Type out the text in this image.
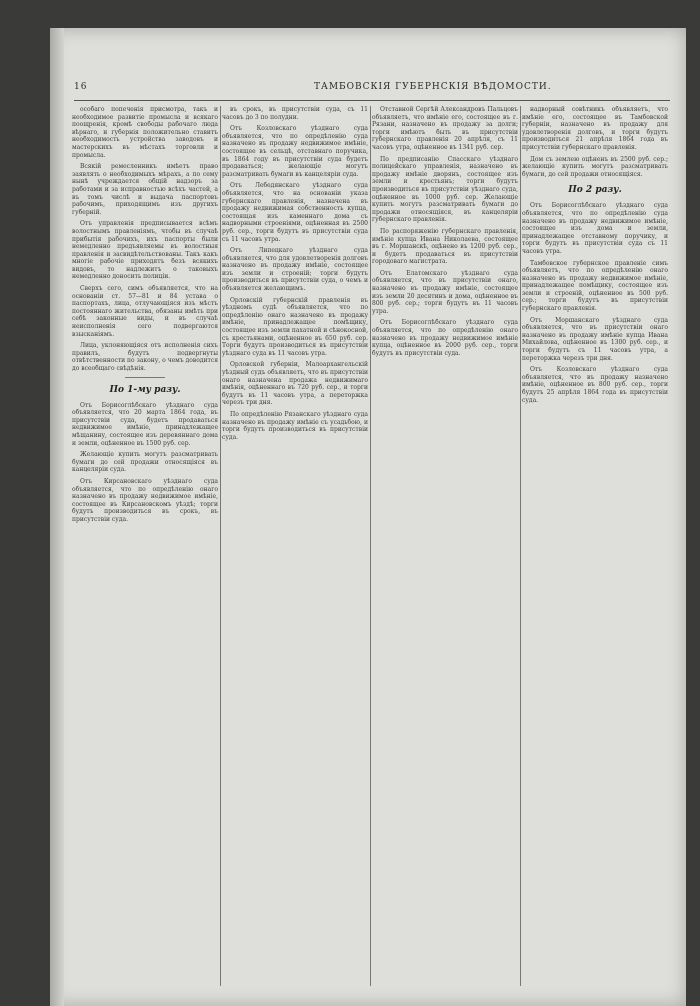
16	ТАМБОВСКІЯ ГУБЕРНСКІЯ ВѢДОМОСТИ.

особаго попеченія присмотра, такъ и необходимое развитіе промысла и всякаго поощренія, кромѣ свободы рабочаго люда вѣрнаго, и губернія положительно ставитъ необходимость устройства заводовъ и мастерскихъ въ мѣстахъ торговли и промысла.

Всякій ремесленникъ имѣетъ право заявлять о необходимыхъ мѣрахъ, а по сему нынѣ учреждается общій надзоръ за работами и за исправностью всѣхъ частей, а въ томъ числѣ и выдача паспортовъ рабочимъ, приходящимъ изъ другихъ губерній.

Отъ управленія предписывается всѣмъ волостнымъ правленіямъ, чтобы въ случаѣ прибытія рабочихъ, ихъ паспорты были немедленно предъявляемы въ волостныя правленія и засвидѣтельствованы. Такъ какъ многіе рабочіе приходятъ безъ всякихъ видовъ, то надлежитъ о таковыхъ немедленно доносить полиціи.

Сверхъ сего, симъ объявляется, что на основаніи ст. 57—81 и 84 устава о паспортахъ, лица, отлучающіяся изъ мѣстъ постояннаго жительства, обязаны имѣть при себѣ законные виды, и въ случаѣ неисполненія сего подвергаются взысканіямъ.

Лица, уклоняющіяся отъ исполненія сихъ правилъ, будутъ подвергнуты отвѣтственности по закону, о чемъ доводится до всеобщаго свѣдѣнія.

По 1-му разу.

Отъ Борисоглѣбскаго уѣзднаго суда объявляется, что 20 марта 1864 года, въ присутствіи суда, будетъ продаваться недвижимое имѣніе, принадлежащее мѣщанину, состоящее изъ деревяннаго дома и земли, оцѣненное въ 1500 руб. сер.

Желающіе купить могутъ разсматривать бумаги до сей продажи относящіяся въ канцеляріи суда.

Отъ Кирсановскаго уѣзднаго суда объявляется, что по опредѣленію онаго назначено въ продажу недвижимое имѣніе, состоящее въ Кирсановскомъ уѣздѣ; торги будутъ производиться въ срокъ, въ присутствіи суда.

въ срокъ, въ присутствіи суда, съ 11 часовъ до 3 по полудни.

Отъ Козловскаго уѣзднаго суда объявляется, что по опредѣленію суда назначено въ продажу недвижимое имѣніе, состоящее въ сельцѣ, отставнаго поручика, въ 1864 году въ присутствіи суда будетъ продаваться; желающіе могутъ разсматривать бумаги въ канцеляріи суда.

Отъ Лебедянскаго уѣзднаго суда объявляется, что на основаніи указа губернскаго правленія, назначена въ продажу недвижимая собственность купца, состоящая изъ каменнаго дома съ надворными строеніями, оцѣненная въ 2500 руб. сер., торги будутъ въ присутствіи суда съ 11 часовъ утра.

Отъ Липецкаго уѣзднаго суда объявляется, что для удовлетворенія долговъ назначено въ продажу имѣніе, состоящее изъ земли и строеній; торги будутъ производиться въ присутствіи суда, о чемъ и объявляется желающимъ.

Орловскій губернскій правленія въ уѣздномъ судѣ объявляется, что по опредѣленію онаго назначено въ продажу имѣніе, принадлежащее помѣщику, состоящее изъ земли пахатной и сѣнокосной, съ крестьянами, оцѣненное въ 650 руб. сер. Торги будутъ производиться въ присутствіи уѣзднаго суда въ 11 часовъ утра.

Орловской губерніи, Малоархангельскій уѣздный судъ объявляетъ, что въ присутствіи онаго назначена продажа недвижимаго имѣнія, оцѣненнаго въ 720 руб. сер., и торги будутъ въ 11 часовъ утра, а переторжка черезъ три дня.

По опредѣленію Рязанскаго уѣзднаго суда назначено въ продажу имѣніе съ усадьбою, и торги будутъ производиться въ присутствіи суда.

Отставной Сергѣй Александровъ Пальцовъ объявляетъ, что имѣніе его, состоящее въ г. Рязани, назначено въ продажу за долги; торги имѣютъ быть въ присутствіи губернскаго правленія 20 апрѣля, съ 11 часовъ утра, оцѣненное въ 1341 руб. сер.

По предписанію Спасскаго уѣзднаго полицейскаго управленія, назначено въ продажу имѣніе дворянъ, состоящее изъ земли и крестьянъ; торги будутъ производиться въ присутствіи уѣзднаго суда, оцѣненное въ 1000 руб. сер. Желающіе купить могутъ разсматривать бумаги до продажи относящіяся, въ канцеляріи губернскаго правленія.

По распоряженію губернскаго правленія, имѣніе купца Ивана Николаева, состоящее въ г. Моршанскѣ, оцѣнено въ 1200 руб. сер., и будетъ продаваться въ присутствіи городоваго магистрата.

Отъ Елатомскаго уѣзднаго суда объявляется, что въ присутствіи онаго, назначено въ продажу имѣніе, состоящее изъ земли 20 десятинъ и дома, оцѣненное въ 800 руб. сер.; торги будутъ въ 11 часовъ утра.

Отъ Борисоглѣбскаго уѣзднаго суда объявляется, что по опредѣленію онаго назначено въ продажу недвижимое имѣніе купца, оцѣненное въ 2000 руб. сер., торги будутъ въ присутствіи суда.

надворный совѣтникъ объявляетъ, что имѣніе его, состоящее въ Тамбовской губерніи, назначено въ продажу для удовлетворенія долговъ, и торги будутъ производиться 21 апрѣля 1864 года въ присутствіи губернскаго правленія.

Дом съ землею оцѣненъ въ 2500 руб. сер.; желающіе купить могутъ разсматривать бумаги, до сей продажи относящіяся.

По 2 разу.

Отъ Борисоглѣбскаго уѣзднаго суда объявляется, что по опредѣленію суда назначено въ продажу недвижимое имѣніе, состоящее изъ дома и земли, принадлежащее отставному поручику, и торги будутъ въ присутствіи суда съ 11 часовъ утра.

Тамбовское губернское правленіе симъ объявляетъ, что по опредѣленію онаго назначено въ продажу недвижимое имѣніе, принадлежащее помѣщику, состоящее изъ земли и строеній, оцѣненное въ 500 руб. сер.; торги будутъ въ присутствіи губернскаго правленія.

Отъ Моршанскаго уѣзднаго суда объявляется, что въ присутствіи онаго назначено въ продажу имѣніе купца Ивана Михайлова, оцѣненное въ 1300 руб. сер., и торги будутъ съ 11 часовъ утра, а переторжка черезъ три дня.

Отъ Козловскаго уѣзднаго суда объявляется, что въ продажу назначено имѣніе, оцѣненное въ 800 руб. сер., торги будутъ 25 апрѣля 1864 года въ присутствіи суда.
